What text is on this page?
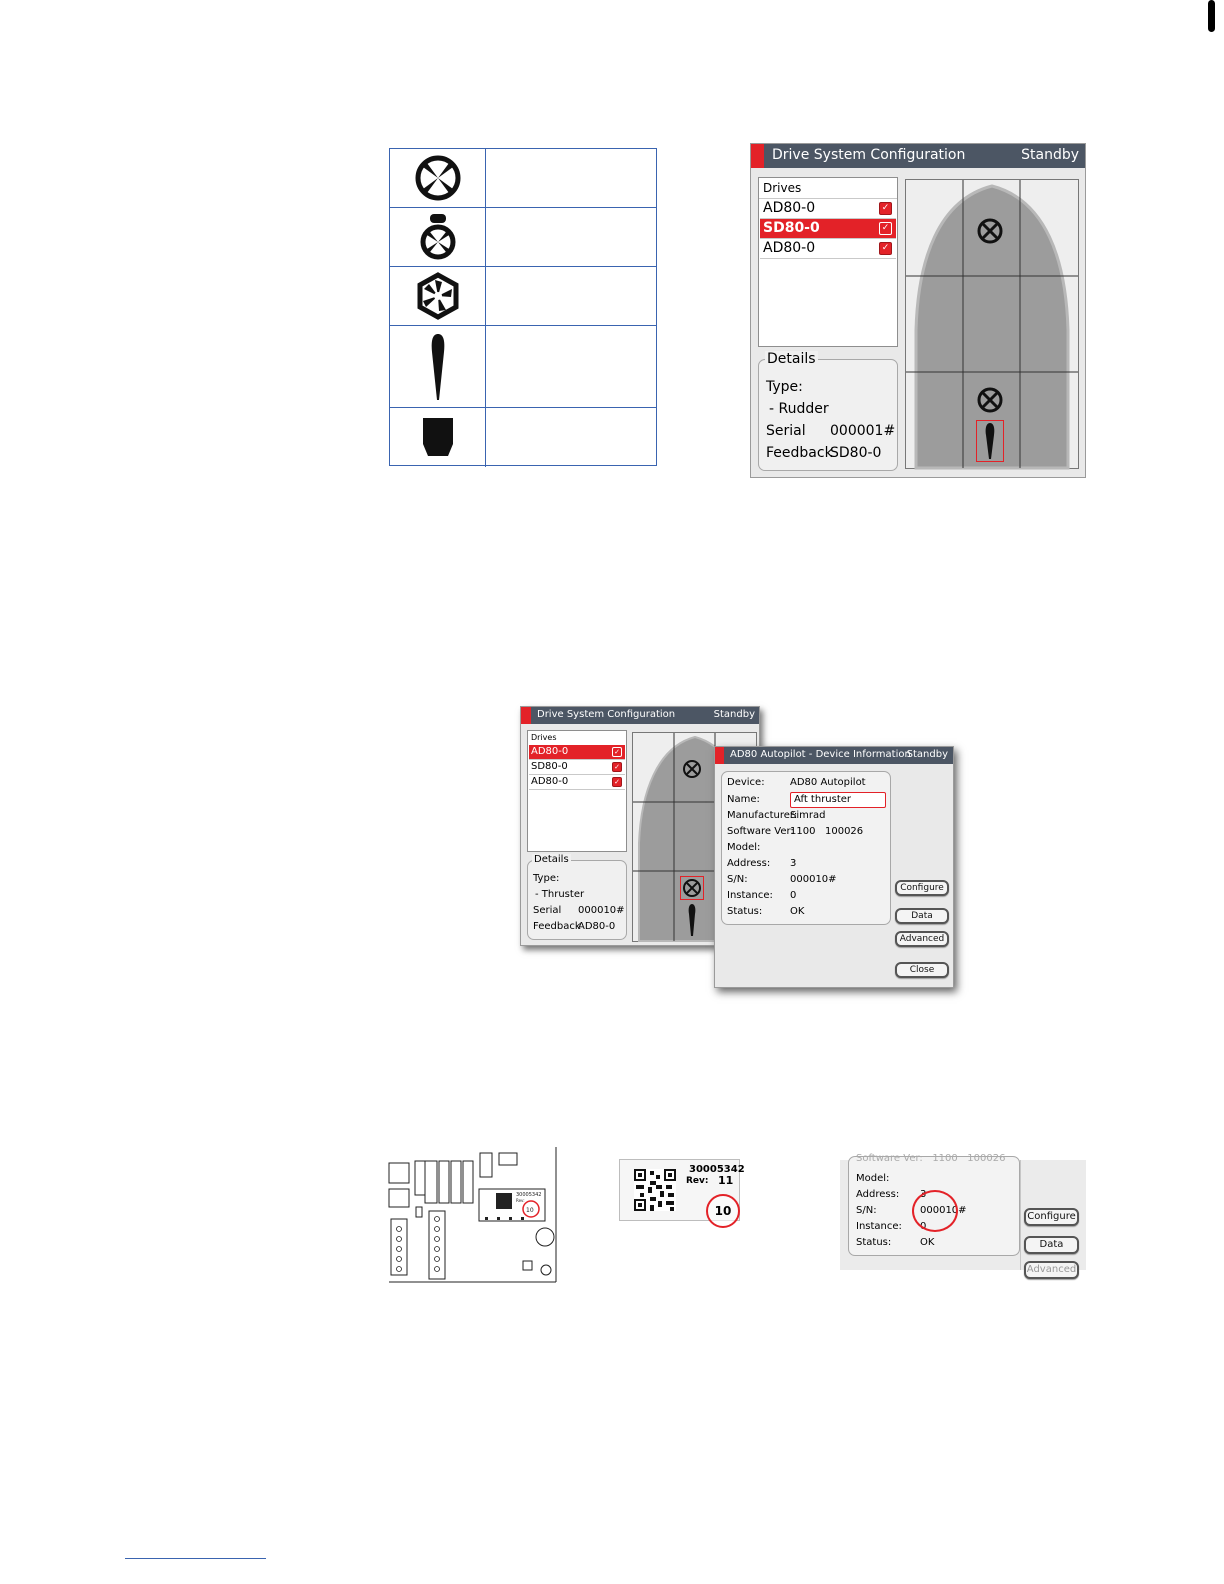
Drive System Configuration	Standby
Drives
AD80-0	✓
SD80-0	✓
AD80-0	✓
Details
Type:
- Rudder
Serial 000001#
Feedback
SD80-0
Drive System Configuration	Standby
Drives
AD80-0	✓
SD80-0	✓
AD80-0	✓
Details
Type:
- Thruster
Serial 000010#
Feedback
AD80-0
AD80 Autopilot - Device Information
Standby
Device:	AD80 Autopilot
Name:	Aft thruster
Manufacturer:
Simrad
Software Ver:
1100   100026
Model:
Address: 3
S/N:	000010#
Instance: 0
Status:	OK
Configure
Data
Advanced
Close
30005342
Rev:
10
30005342
Rev: 11
10
Software Ver:   1100   100026
Model:
Address: 3
S/N:	000010#
Instance: 0
Status:	OK
Configure
Data
Advanced
